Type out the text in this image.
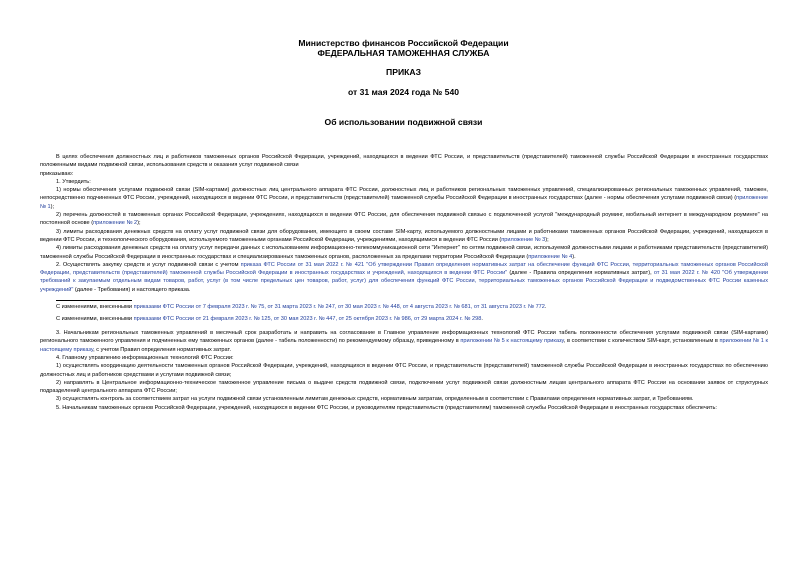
Министерство финансов Российской Федерации
ФЕДЕРАЛЬНАЯ ТАМОЖЕННАЯ СЛУЖБА
ПРИКАЗ
от 31 мая 2024 года № 540
Об использовании подвижной связи

В целях обеспечения должностных лиц и работников таможенных органов Российской Федерации, учреждений, находящихся в ведении ФТС России, и представительств (представителей) таможенной службы Российской Федерации в иностранных государствах положенными видами подвижной связи, использования средств и оказания услуг подвижной связи

приказываю:

1. Утвердить:

1) нормы обеспечения услугами подвижной связи (SIM-картами) должностных лиц центрального аппарата ФТС России, должностных лиц и работников региональных таможенных управлений, специализированных региональных таможенных управлений, таможен, непосредственно подчиненных ФТС России, учреждений, находящихся в ведении ФТС России, и представительств (представителей) таможенной службы Российской Федерации в иностранных государствах (далее - нормы обеспечения услугами подвижной связи) (приложение № 1);

2) перечень должностей в таможенных органах Российской Федерации, учреждениях, находящихся в ведении ФТС России, для обеспечения подвижной связью с подключенной услугой "международный роуминг, мобильный интернет в международном роуминге" на постоянной основе (приложение № 2);

3) лимиты расходования денежных средств на оплату услуг подвижной связи для оборудования, имеющего в своем составе SIM-карту, используемого должностными лицами и работниками таможенных органов Российской Федерации, учреждений, находящихся в ведении ФТС России, и технологического оборудования, используемого таможенными органами Российской Федерации, учреждениями, находящимися в ведении ФТС России (приложение № 3);

4) лимиты расходования денежных средств на оплату услуг передачи данных с использованием информационно-телекоммуникационной сети "Интернет" по сетям подвижной связи, используемой должностными лицами и работниками представительств (представителей) таможенной службы Российской Федерации в иностранных государствах и специализированных таможенных органов, расположенных за пределами территории Российской Федерации (приложение № 4).

2. Осуществлять закупку средств и услуг подвижной связи с учетом приказа ФТС России от 31 мая 2022 г. № 421 "Об утверждении Правил определения нормативных затрат на обеспечение функций ФТС России, территориальных таможенных органов Российской Федерации, представительств (представителей) таможенной службы Российской Федерации в иностранных государствах и учреждений, находящихся в ведении ФТС России" (далее - Правила определения нормативных затрат), от 31 мая 2022 г. № 420 "Об утверждении требований к закупаемым отдельным видам товаров, работ, услуг (в том числе предельных цен товаров, работ, услуг) для обеспечения функций ФТС России, территориальных таможенных органов Российской Федерации и подведомственных ФТС России казенных учреждений" (далее - Требования) и настоящего приказа.

С изменениями, внесенными приказами ФТС России от 7 февраля 2023 г. № 75, от 31 марта 2023 г. № 247, от 30 мая 2023 г. № 448, от 4 августа 2023 г. № 681, от 31 августа 2023 г. № 772.

С изменениями, внесенными приказами ФТС России от 21 февраля 2023 г. № 125, от 30 мая 2023 г. № 447, от 25 октября 2023 г. № 986, от 29 марта 2024 г. № 298.

3. Начальникам региональных таможенных управлений в месячный срок разработать и направить на согласование в Главное управление информационных технологий ФТС России табель положенности обеспечения услугами подвижной связи (SIM-картами) регионального таможенного управления и подчиненных ему таможенных органов (далее - табель положенности) по рекомендуемому образцу, приведенному в приложении № 5 к настоящему приказу, в соответствии с количеством SIM-карт, установленным в приложении № 1 к настоящему приказу, с учетом Правил определения нормативных затрат.

4. Главному управлению информационных технологий ФТС России:

1) осуществлять координацию деятельности таможенных органов Российской Федерации, учреждений, находящихся в ведении ФТС России, и представительств (представителей) таможенной службы Российской Федерации в иностранных государствах по обеспечению должностных лиц и работников средствами и услугами подвижной связи;

2) направлять в Центральное информационно-техническое таможенное управление письма о выдаче средств подвижной связи, подключении услуг подвижной связи должностным лицам центрального аппарата ФТС России на основании заявок от структурных подразделений центрального аппарата ФТС России;

3) осуществлять контроль за соответствием затрат на услуги подвижной связи установленным лимитам денежных средств, нормативным затратам, определенным в соответствии с Правилами определения нормативных затрат, и Требованиям.

5. Начальникам таможенных органов Российской Федерации, учреждений, находящихся в ведении ФТС России, и руководителям представительств (представителям) таможенной службы Российской Федерации в иностранных государствах обеспечить:
